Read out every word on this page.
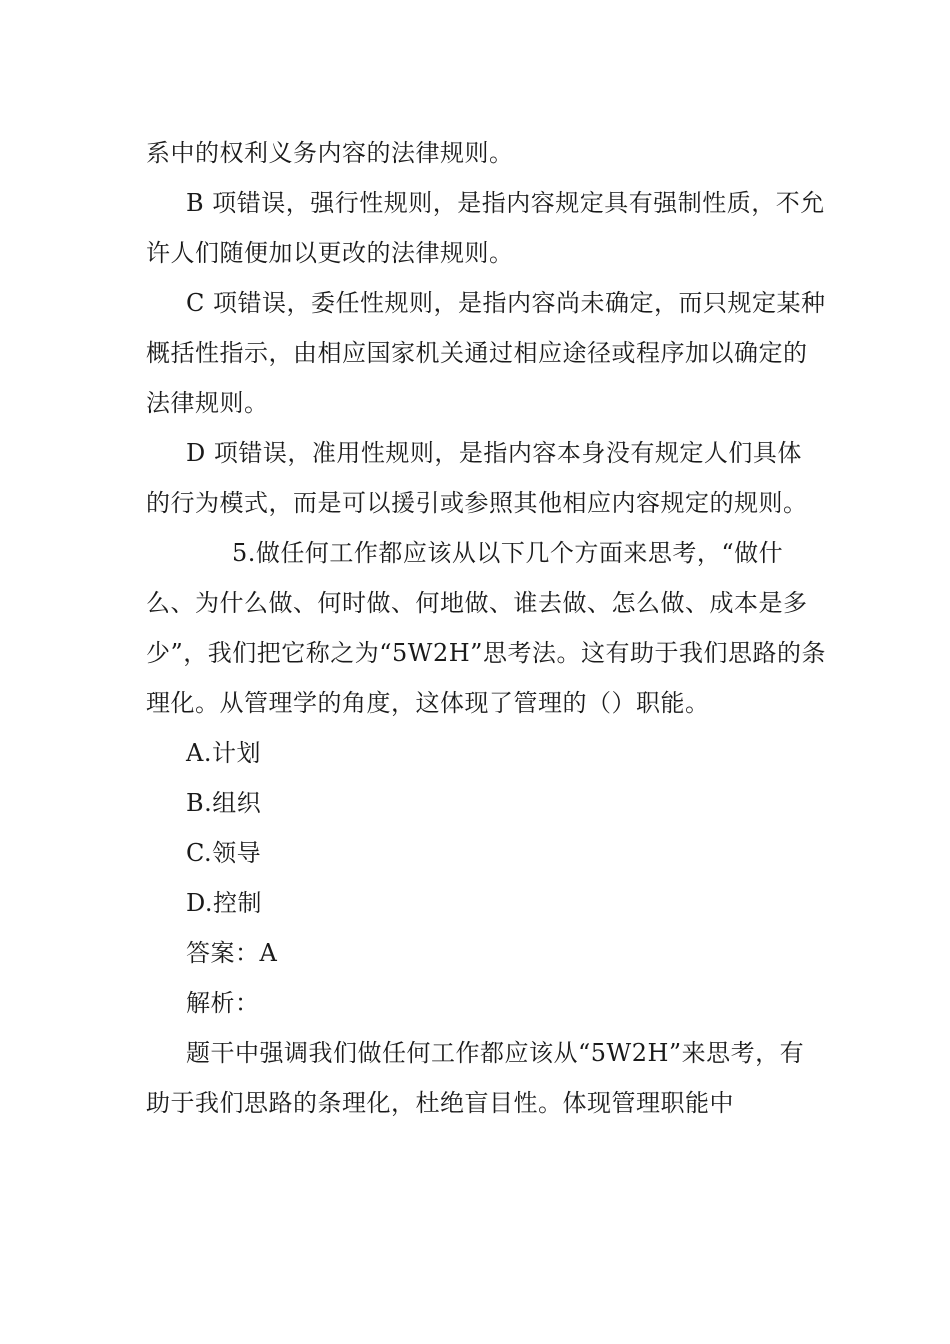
系中的权利义务内容的法律规则。

B 项错误，强行性规则，是指内容规定具有强制性质，不允许人们随便加以更改的法律规则。

C 项错误，委任性规则，是指内容尚未确定，而只规定某种概括性指示，由相应国家机关通过相应途径或程序加以确定的法律规则。

D 项错误，准用性规则，是指内容本身没有规定人们具体的行为模式，而是可以援引或参照其他相应内容规定的规则。

5.做任何工作都应该从以下几个方面来思考，“做什么、为什么做、何时做、何地做、谁去做、怎么做、成本是多少”，我们把它称之为“5W2H”思考法。这有助于我们思路的条理化。从管理学的角度，这体现了管理的（）职能。

A.计划

B.组织

C.领导

D.控制

答案：A

解析：

题干中强调我们做任何工作都应该从“5W2H”来思考，有助于我们思路的条理化，杜绝盲目性。体现管理职能中
